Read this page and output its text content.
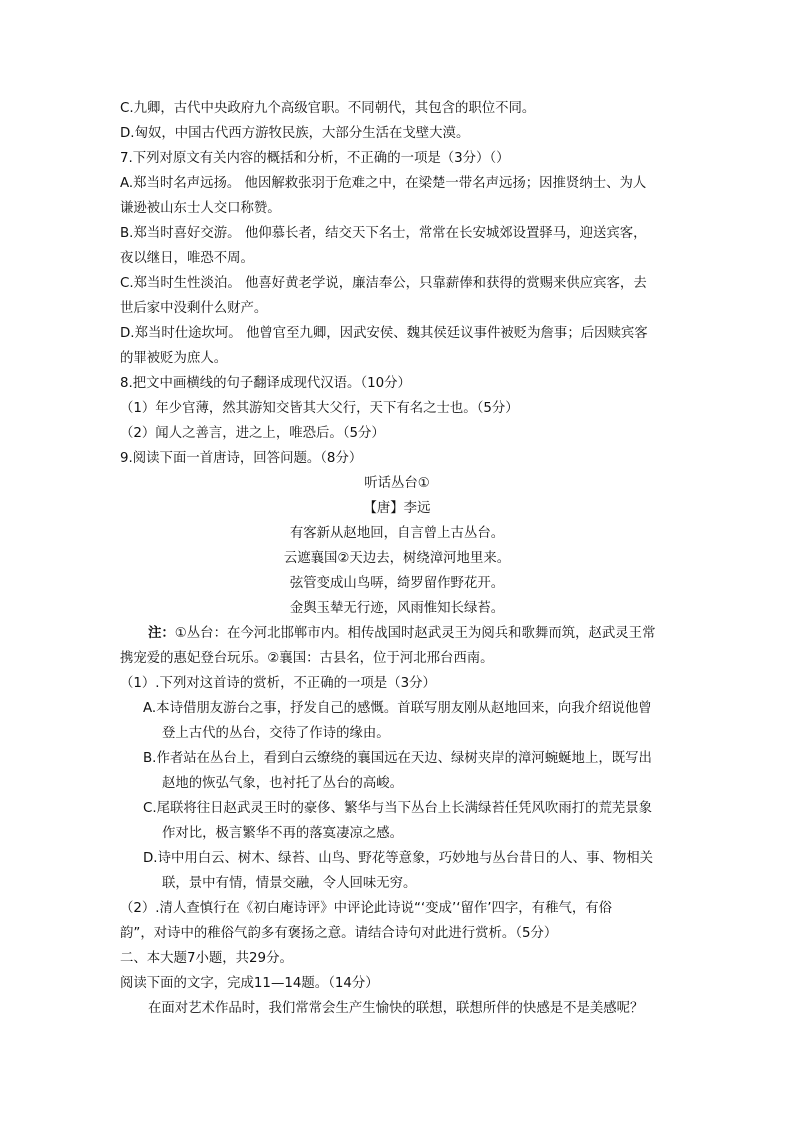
C.九卿，古代中央政府九个高级官职。不同朝代，其包含的职位不同。
D.匈奴，中国古代西方游牧民族，大部分生活在戈壁大漠。
7.下列对原文有关内容的概括和分析，不正确的一项是（3分）（）
A.郑当时名声远扬。 他因解救张羽于危难之中，在梁楚一带名声远扬；因推贤纳士、为人
谦逊被山东士人交口称赞。
B.郑当时喜好交游。 他仰慕长者，结交天下名士，常常在长安城郊设置驿马，迎送宾客，
夜以继日，唯恐不周。
C.郑当时生性淡泊。 他喜好黄老学说，廉洁奉公，只靠薪俸和获得的赏赐来供应宾客，去
世后家中没剩什么财产。
D.郑当时仕途坎坷。 他曾官至九卿，因武安侯、魏其侯廷议事件被贬为詹事；后因赎宾客
的罪被贬为庶人。
8.把文中画横线的句子翻译成现代汉语。（10分）
（1）年少官薄，然其游知交皆其大父行，天下有名之士也。（5分）
（2）闻人之善言，进之上，唯恐后。（5分）
9.阅读下面一首唐诗，回答问题。（8分）
听话丛台①
【唐】李远
有客新从赵地回，自言曾上古丛台。
云遮襄国②天边去，树绕漳河地里来。
弦管变成山鸟哢，绮罗留作野花开。
金舆玉辇无行迹，风雨惟知长绿苔。
注：①丛台：在今河北邯郸市内。相传战国时赵武灵王为阅兵和歌舞而筑，赵武灵王常
携宠爱的惠妃登台玩乐。②襄国：古县名，位于河北邢台西南。
（1）.下列对这首诗的赏析，不正确的一项是（3分）
A.本诗借朋友游台之事，抒发自己的感慨。首联写朋友刚从赵地回来，向我介绍说他曾
登上古代的丛台，交待了作诗的缘由。
B.作者站在丛台上，看到白云缭绕的襄国远在天边、绿树夹岸的漳河蜿蜒地上，既写出
赵地的恢弘气象，也衬托了丛台的高峻。
C.尾联将往日赵武灵王时的豪侈、繁华与当下丛台上长满绿苔任凭风吹雨打的荒芜景象
作对比，极言繁华不再的落寞凄凉之感。
D.诗中用白云、树木、绿苔、山鸟、野花等意象，巧妙地与丛台昔日的人、事、物相关
联，景中有情，情景交融，令人回味无穷。
（2）.清人查慎行在《初白庵诗评》中评论此诗说“‘变成’‘留作’四字，有稚气，有俗
韵”，对诗中的稚俗气韵多有褒扬之意。请结合诗句对此进行赏析。（5分）
二、本大题7小题，共29分。
阅读下面的文字，完成11—14题。（14分）
在面对艺术作品时，我们常常会生产生愉快的联想，联想所伴的快感是不是美感呢？
